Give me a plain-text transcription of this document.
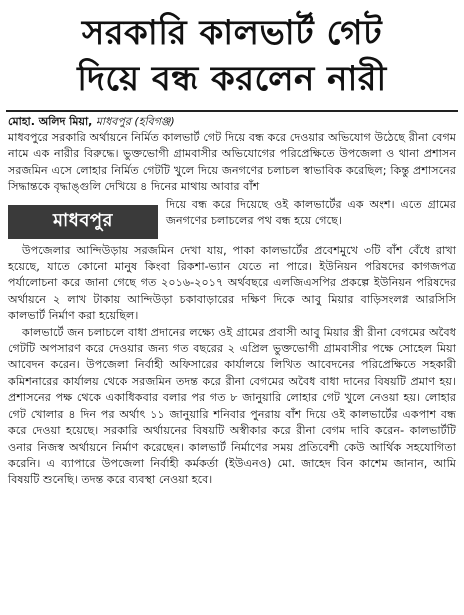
সরকারি কালভার্ট গেট
দিয়ে বন্ধ করলেন নারী
মোহা. অলিদ মিয়া, মাধবপুর (হবিগঞ্জ)

মাধবপুরে সরকারি অর্থায়নে নির্মিত কালভার্ট গেট দিয়ে বন্ধ করে দেওয়ার অভিযোগ উঠেছে রীনা বেগম নামে এক নারীর বিরুদ্ধে। ভুক্তভোগী গ্রামবাসীর অভিযোগের পরিপ্রেক্ষিতে উপজেলা ও থানা প্রশাসন সরজমিন এসে লোহার নির্মিত গেটটি খুলে দিয়ে জনগণের চলাচল স্বাভাবিক করেছিল; কিন্তু প্রশাসনের সিদ্ধান্তকে বৃদ্ধাঙ্গুলি দেখিয়ে ৪ দিনের মাথায় আবার বাঁশ

মাধবপুর
দিয়ে বন্ধ করে দিয়েছে ওই কালভার্টের এক অংশ। এতে গ্রামের জনগণের চলাচলের পথ বন্ধ হয়ে গেছে।

উপজেলার আন্দিউড়ায় সরজমিন দেখা যায়, পাকা কালভার্টের প্রবেশমুখে ৩টি বাঁশ বেঁধে রাখা হয়েছে, যাতে কোনো মানুষ কিংবা রিকশা-ভ্যান যেতে না পারে। ইউনিয়ন পরিষদের কাগজপত্র পর্যালোচনা করে জানা গেছে গত ২০১৬-২০১৭ অর্থবছরে এলজিএসপির প্রকল্পে ইউনিয়ন পরিষদের অর্থায়নে ২ লাখ টাকায় আন্দিউড়া চকাবাড়ারের দক্ষিণ দিকে আবু মিয়ার বাড়িসংলগ্ন আরসিসি কালভার্ট নির্মাণ করা হয়েছিল।

কালভার্টে জন চলাচলে বাধা প্রদানের লক্ষ্যে ওই গ্রামের প্রবাসী আবু মিয়ার স্ত্রী রীনা বেগমের অবৈধ গেটটি অপসারণ করে দেওয়ার জন্য গত বছরের ২ এপ্রিল ভুক্তভোগী গ্রামবাসীর পক্ষে সোহেল মিয়া আবেদন করেন। উপজেলা নির্বাহী অফিসারের কার্যালয়ে লিখিত আবেদনের পরিপ্রেক্ষিতে সহকারী কমিশনারের কার্যালয় থেকে সরজমিন তদন্ত করে রীনা বেগমের অবৈধ বাধা দানের বিষয়টি প্রমাণ হয়। প্রশাসনের পক্ষ থেকে একাধিকবার বলার পর গত ৮ জানুয়ারি লোহার গেট খুলে নেওয়া হয়। লোহার গেট খোলার ৪ দিন পর অর্থাৎ ১১ জানুয়ারি শনিবার পুনরায় বাঁশ দিয়ে ওই কালভার্টের একপাশ বন্ধ করে দেওয়া হয়েছে। সরকারি অর্থায়নের বিষয়টি অস্বীকার করে রীনা বেগম দাবি করেন- কালভার্টটি ওনার নিজস্ব অর্থায়নে নির্মাণ করেছেন। কালভার্ট নির্মাণের সময় প্রতিবেশী কেউ আর্থিক সহযোগিতা করেনি। এ ব্যাপারে উপজেলা নির্বাহী কর্মকর্তা (ইউএনও) মো. জাহেদ বিন কাশেম জানান, আমি বিষয়টি শুনেছি। তদন্ত করে ব্যবস্থা নেওয়া হবে।
